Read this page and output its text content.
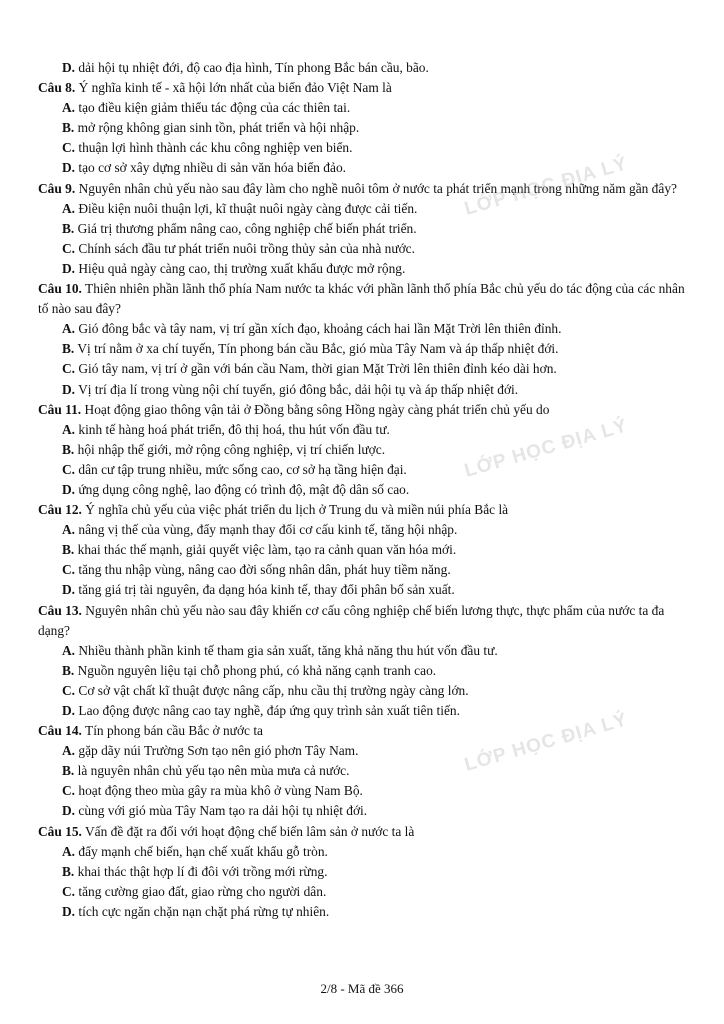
D. dải hội tụ nhiệt đới, độ cao địa hình, Tín phong Bắc bán cầu, bão.
Câu 8. Ý nghĩa kinh tế - xã hội lớn nhất của biển đảo Việt Nam là
A. tạo điều kiện giảm thiểu tác động của các thiên tai.
B. mở rộng không gian sinh tồn, phát triển và hội nhập.
C. thuận lợi hình thành các khu công nghiệp ven biển.
D. tạo cơ sở xây dựng nhiều di sản văn hóa biển đảo.
Câu 9. Nguyên nhân chủ yếu nào sau đây làm cho nghề nuôi tôm ở nước ta phát triển mạnh trong những năm gần đây?
A. Điều kiện nuôi thuận lợi, kĩ thuật nuôi ngày càng được cải tiến.
B. Giá trị thương phẩm nâng cao, công nghiệp chế biến phát triển.
C. Chính sách đầu tư phát triển nuôi trồng thủy sản của nhà nước.
D. Hiệu quả ngày càng cao, thị trường xuất khẩu được mở rộng.
Câu 10. Thiên nhiên phần lãnh thổ phía Nam nước ta khác với phần lãnh thổ phía Bắc chủ yếu do tác động của các nhân tố nào sau đây?
A. Gió đông bắc và tây nam, vị trí gần xích đạo, khoảng cách hai lần Mặt Trời lên thiên đỉnh.
B. Vị trí nằm ở xa chí tuyến, Tín phong bán cầu Bắc, gió mùa Tây Nam và áp thấp nhiệt đới.
C. Gió tây nam, vị trí ở gần với bán cầu Nam, thời gian Mặt Trời lên thiên đỉnh kéo dài hơn.
D. Vị trí địa lí trong vùng nội chí tuyến, gió đông bắc, dải hội tụ và áp thấp nhiệt đới.
Câu 11. Hoạt động giao thông vận tải ở Đồng bằng sông Hồng ngày càng phát triển chủ yếu do
A. kinh tế hàng hoá phát triển, đô thị hoá, thu hút vốn đầu tư.
B. hội nhập thế giới, mở rộng công nghiệp, vị trí chiến lược.
C. dân cư tập trung nhiều, mức sống cao, cơ sở hạ tầng hiện đại.
D. ứng dụng công nghệ, lao động có trình độ, mật độ dân số cao.
Câu 12. Ý nghĩa chủ yếu của việc phát triển du lịch ở Trung du và miền núi phía Bắc là
A. nâng vị thế của vùng, đẩy mạnh thay đổi cơ cấu kinh tế, tăng hội nhập.
B. khai thác thế mạnh, giải quyết việc làm, tạo ra cảnh quan văn hóa mới.
C. tăng thu nhập vùng, nâng cao đời sống nhân dân, phát huy tiềm năng.
D. tăng giá trị tài nguyên, đa dạng hóa kinh tế, thay đổi phân bố sản xuất.
Câu 13. Nguyên nhân chủ yếu nào sau đây khiến cơ cấu công nghiệp chế biến lương thực, thực phẩm của nước ta đa dạng?
A. Nhiều thành phần kinh tế tham gia sản xuất, tăng khả năng thu hút vốn đầu tư.
B. Nguồn nguyên liệu tại chỗ phong phú, có khả năng cạnh tranh cao.
C. Cơ sở vật chất kĩ thuật được nâng cấp, nhu cầu thị trường ngày càng lớn.
D. Lao động được nâng cao tay nghề, đáp ứng quy trình sản xuất tiên tiến.
Câu 14. Tín phong bán cầu Bắc ở nước ta
A. gặp dãy núi Trường Sơn tạo nên gió phơn Tây Nam.
B. là nguyên nhân chủ yếu tạo nên mùa mưa cả nước.
C. hoạt động theo mùa gây ra mùa khô ở vùng Nam Bộ.
D. cùng với gió mùa Tây Nam tạo ra dải hội tụ nhiệt đới.
Câu 15. Vấn đề đặt ra đối với hoạt động chế biến lâm sản ở nước ta là
A. đẩy mạnh chế biến, hạn chế xuất khẩu gỗ tròn.
B. khai thác thật hợp lí đi đôi với trồng mới rừng.
C. tăng cường giao đất, giao rừng cho người dân.
D. tích cực ngăn chặn nạn chặt phá rừng tự nhiên.
LỚP HỌC ĐỊA LÝ
LỚP HỌC ĐỊA LÝ
LỚP HỌC ĐỊA LÝ
2/8 - Mã đề 366
